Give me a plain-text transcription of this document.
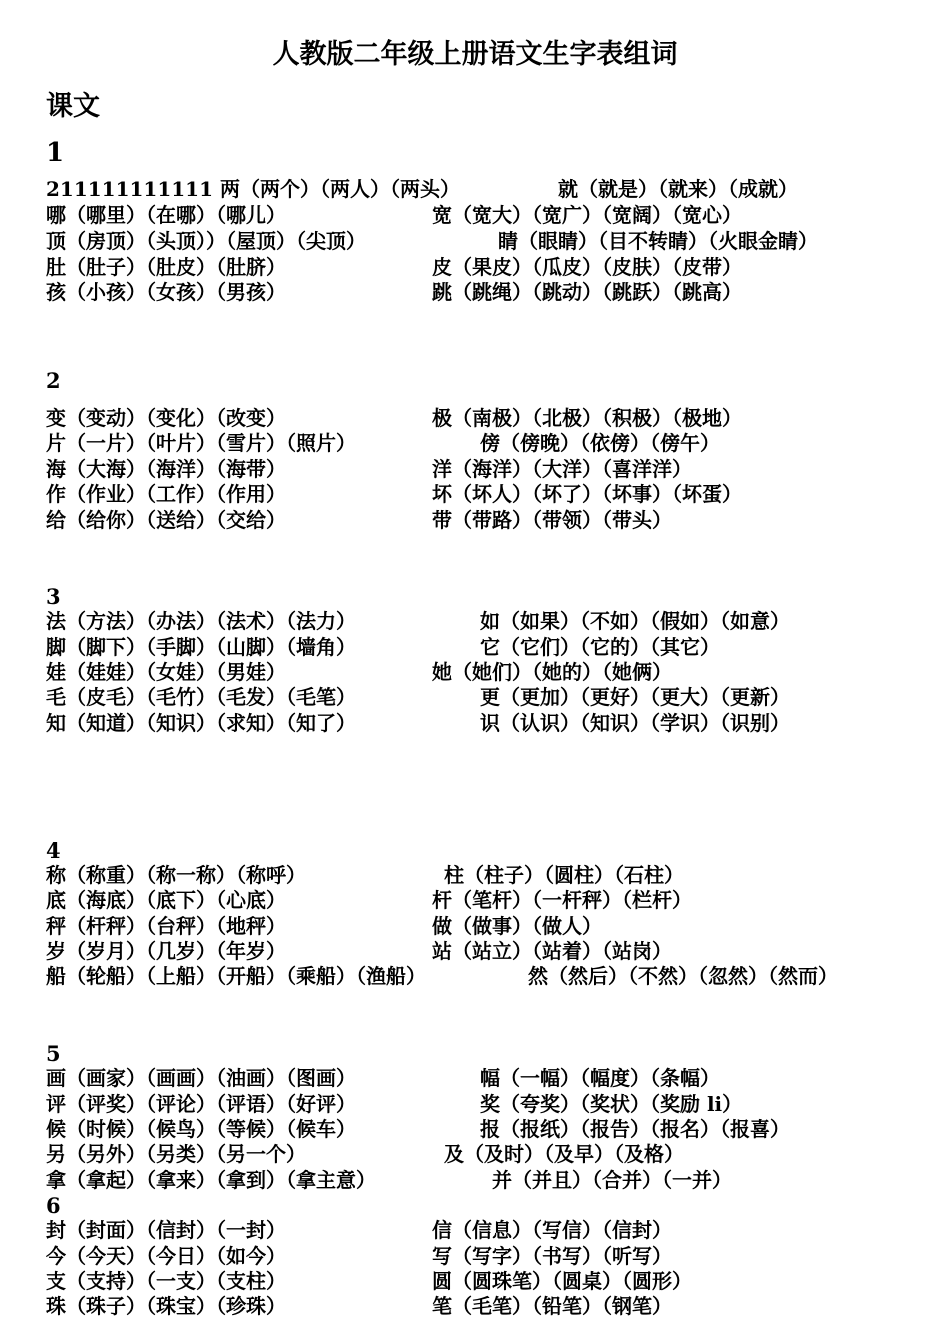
人教版二年级上册语文生字表组词
课文
1
211111111111 两（两个）（两人）（两头）	就（就是）（就来）（成就）
哪（哪里）（在哪）（哪儿）	宽（宽大）（宽广）（宽阔）（宽心）
顶（房顶）（头顶））（屋顶）（尖顶）	睛（眼睛）（目不转睛）（火眼金睛）
肚（肚子）（肚皮）（肚脐）	皮（果皮）（瓜皮）（皮肤）（皮带）
孩（小孩）（女孩）（男孩）	跳（跳绳）（跳动）（跳跃）（跳高）
2
变（变动）（变化）（改变）	极（南极）（北极）（积极）（极地）
片（一片）（叶片）（雪片）（照片）	傍（傍晚）（依傍）（傍午）
海（大海）（海洋）（海带）	洋（海洋）（大洋）（喜洋洋）
作（作业）（工作）（作用）	坏（坏人）（坏了）（坏事）（坏蛋）
给（给你）（送给）（交给）	带（带路）（带领）（带头）
3
法（方法）（办法）（法术）（法力）	如（如果）（不如）（假如）（如意）
脚（脚下）（手脚）（山脚）（墙角）	它（它们）（它的）（其它）
娃（娃娃）（女娃）（男娃）	她（她们）（她的）（她俩）
毛（皮毛）（毛竹）（毛发）（毛笔）	更（更加）（更好）（更大）（更新）
知（知道）（知识）（求知）（知了）	识（认识）（知识）（学识）（识别）
4
称（称重）（称一称）（称呼）	柱（柱子）（圆柱）（石柱）
底（海底）（底下）（心底）	杆（笔杆）（一杆秤）（栏杆）
秤（杆秤）（台秤）（地秤）	做（做事）（做人）
岁（岁月）（几岁）（年岁）	站（站立）（站着）（站岗）
船（轮船）（上船）（开船）（乘船）（渔船）	然（然后）（不然）（忽然）（然而）
5
画（画家）（画画）（油画）（图画）	幅（一幅）（幅度）（条幅）
评（评奖）（评论）（评语）（好评）	奖（夸奖）（奖状）（奖励 li）
候（时候）（候鸟）（等候）（候车）	报（报纸）（报告）（报名）（报喜）
另（另外）（另类）（另一个）	及（及时）（及早）（及格）
拿（拿起）（拿来）（拿到）（拿主意）	并（并且）（合并）（一并）
6
封（封面）（信封）（一封）	信（信息）（写信）（信封）
今（今天）（今日）（如今）	写（写字）（书写）（听写）
支（支持）（一支）（支柱）	圆（圆珠笔）（圆桌）（圆形）
珠（珠子）（珠宝）（珍珠）	笔（毛笔）（铅笔）（钢笔）
